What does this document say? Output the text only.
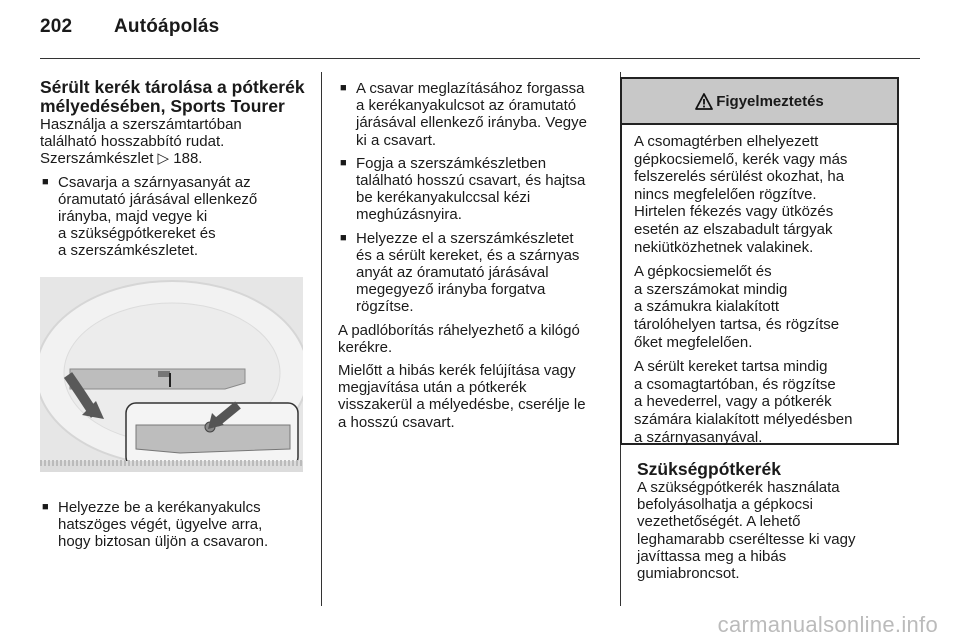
202 Autóápolás
Sérült kerék tárolása a pótkerék
mélyedésében, Sports Tourer

Használja a szerszámtartóban
található hosszabbító rudat.
Szerszámkészlet ▷ 188.

■ Csavarja a szárnyasanyát az
óramutató járásával ellenkező
irányba, majd vegye ki
a szükségpótkereket és
a szerszámkészletet.
■ Helyezze be a kerékanyakulcs
hatszöges végét, ügyelve arra,
hogy biztosan üljön a csavaron.
■ A csavar meglazításához forgassa
a kerékanyakulcsot az óramutató
járásával ellenkező irányba. Vegye
ki a csavart.
■ Fogja a szerszámkészletben
található hosszú csavart, és hajtsa
be kerékanyakulccsal kézi
meghúzásnyira.
■ Helyezze el a szerszámkészletet
és a sérült kereket, és a szárnyas
anyát az óramutató járásával
megegyező irányba forgatva
rögzítse.

A padlóborítás ráhelyezhető a kilógó
kerékre.

Mielőtt a hibás kerék felújítása vagy
megjavítása után a pótkerék
visszakerül a mélyedésbe, cserélje le
a hosszú csavart.

Figyelmeztetés

A csomagtérben elhelyezett
gépkocsiemelő, kerék vagy más
felszerelés sérülést okozhat, ha
nincs megfelelően rögzítve.
Hirtelen fékezés vagy ütközés
esetén az elszabadult tárgyak
nekiütközhetnek valakinek.

A gépkocsiemelőt és
a szerszámokat mindig
a számukra kialakított
tárolóhelyen tartsa, és rögzítse
őket megfelelően.

A sérült kereket tartsa mindig
a csomagtartóban, és rögzítse
a hevederrel, vagy a pótkerék
számára kialakított mélyedésben
a szárnyasanyával.

Szükségpótkerék

A szükségpótkerék használata
befolyásolhatja a gépkocsi
vezethetőségét. A lehető
leghamarabb cseréltesse ki vagy
javíttassa meg a hibás
gumiabroncsot.

carmanualsonline.info
